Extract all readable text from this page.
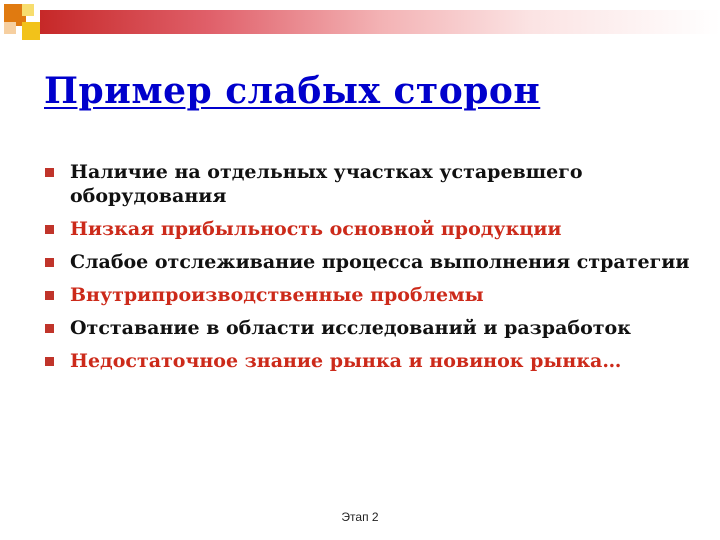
Пример слабых сторон
Наличие на отдельных участках устаревшего оборудования
Низкая прибыльность основной продукции
Слабое отслеживание процесса выполнения стратегии
Внутрипроизводственные проблемы
Отставание в области исследований и разработок
Недостаточное знание рынка и новинок рынка…
Этап 2
